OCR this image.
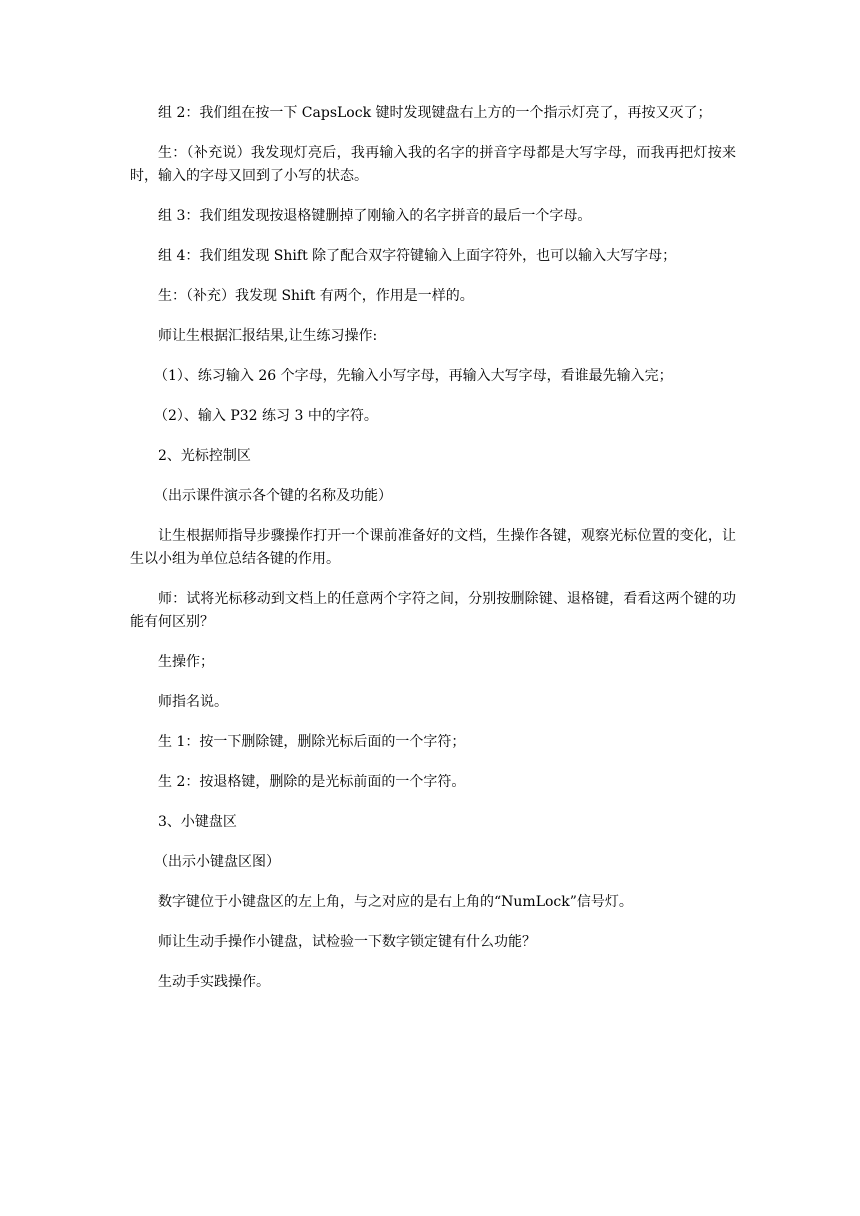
组 2：我们组在按一下 CapsLock 键时发现键盘右上方的一个指示灯亮了，再按又灭了；

生：（补充说）我发现灯亮后，我再输入我的名字的拼音字母都是大写字母，而我再把灯按来时，输入的字母又回到了小写的状态。

组 3：我们组发现按退格键删掉了刚输入的名字拼音的最后一个字母。

组 4：我们组发现 Shift 除了配合双字符键输入上面字符外，也可以输入大写字母；

生：（补充）我发现 Shift 有两个，作用是一样的。

师让生根据汇报结果,让生练习操作:

（1）、练习输入 26 个字母，先输入小写字母，再输入大写字母，看谁最先输入完；

（2）、输入 P32 练习 3 中的字符。

2、光标控制区

（出示课件演示各个键的名称及功能）

让生根据师指导步骤操作打开一个课前准备好的文档，生操作各键，观察光标位置的变化，让生以小组为单位总结各键的作用。

师：试将光标移动到文档上的任意两个字符之间，分别按删除键、退格键，看看这两个键的功能有何区别？

生操作；

师指名说。

生 1：按一下删除键，删除光标后面的一个字符；

生 2：按退格键，删除的是光标前面的一个字符。

3、小键盘区

（出示小键盘区图）

数字键位于小键盘区的左上角，与之对应的是右上角的“NumLock”信号灯。

师让生动手操作小键盘，试检验一下数字锁定键有什么功能？

生动手实践操作。
